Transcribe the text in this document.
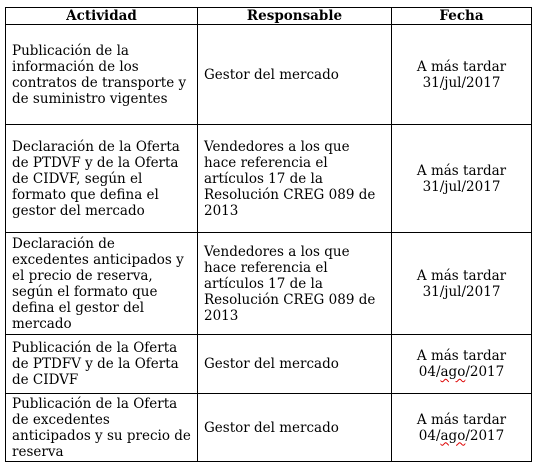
Actividad	Responsable	Fecha
Publicación de la información de los contratos de transporte y de suministro vigentes	Gestor del mercado	A más tardar
31/jul/2017
Declaración de la Oferta de PTDVF y de la Oferta de CIDVF, según el formato que defina el gestor del mercado	Vendedores a los que hace referencia el artículos 17 de la Resolución CREG 089 de 2013	A más tardar
31/jul/2017
Declaración de excedentes anticipados y el precio de reserva, según el formato que defina el gestor del mercado	Vendedores a los que hace referencia el artículos 17 de la Resolución CREG 089 de 2013	A más tardar
31/jul/2017
Publicación de la Oferta de PTDFV y de la Oferta de CIDVF	Gestor del mercado	A más tardar
04/ago/2017
Publicación de la Oferta de excedentes anticipados y su precio de reserva	Gestor del mercado	A más tardar
04/ago/2017
